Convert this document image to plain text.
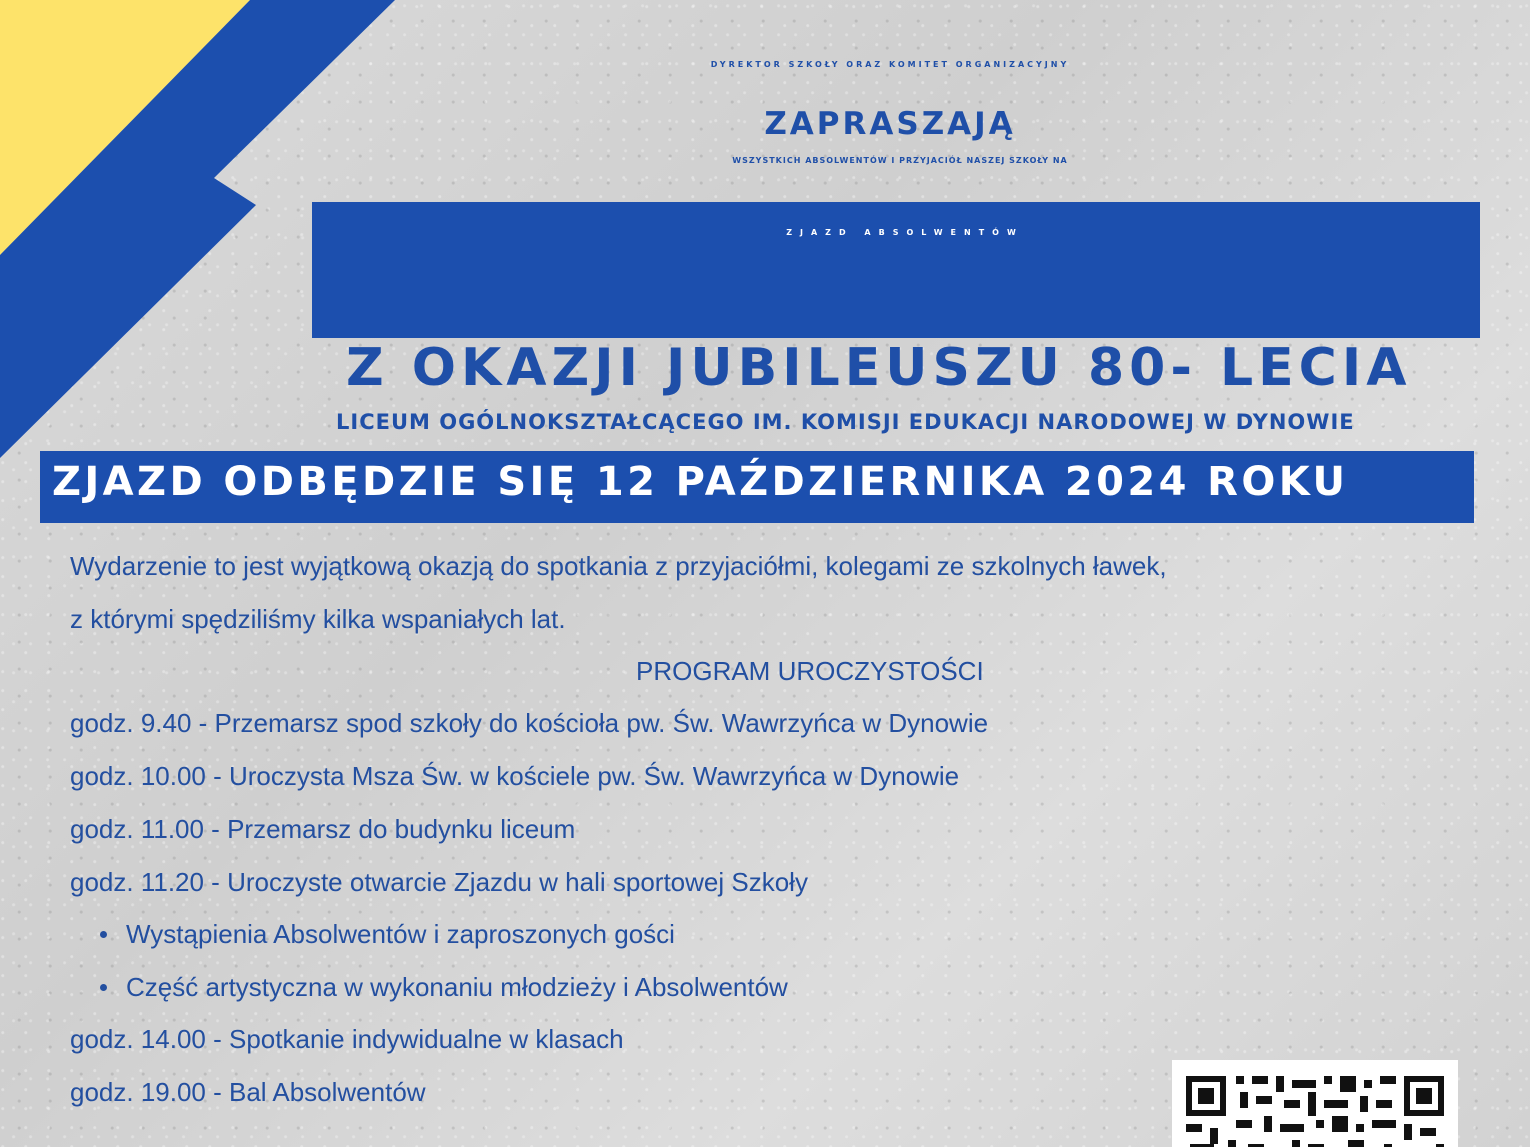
DYREKTOR SZKOŁY ORAZ KOMITET ORGANIZACYJNY
ZAPRASZAJĄ
WSZYSTKICH ABSOLWENTÓW I PRZYJACIÓŁ NASZEJ SZKOŁY NA
ZJAZD ABSOLWENTÓW
Z OKAZJI JUBILEUSZU 80- LECIA
LICEUM OGÓLNOKSZTAŁCĄCEGO IM. KOMISJI EDUKACJI NARODOWEJ W DYNOWIE
ZJAZD ODBĘDZIE SIĘ 12 PAŹDZIERNIKA 2024 ROKU
Wydarzenie to jest wyjątkową okazją do spotkania z przyjaciółmi, kolegami ze szkolnych ławek,
z którymi spędziliśmy kilka wspaniałych lat.
PROGRAM UROCZYSTOŚCI
godz. 9.40 - Przemarsz spod szkoły do kościoła pw. Św. Wawrzyńca w Dynowie
godz. 10.00 - Uroczysta Msza Św. w kościele pw. Św. Wawrzyńca w Dynowie
godz. 11.00 - Przemarsz do budynku liceum
godz. 11.20 - Uroczyste otwarcie Zjazdu w hali sportowej Szkoły
Wystąpienia Absolwentów i zaproszonych gości
Część artystyczna w wykonaniu młodzieży i Absolwentów
godz. 14.00 - Spotkanie indywidualne w klasach
godz. 19.00 - Bal Absolwentów
